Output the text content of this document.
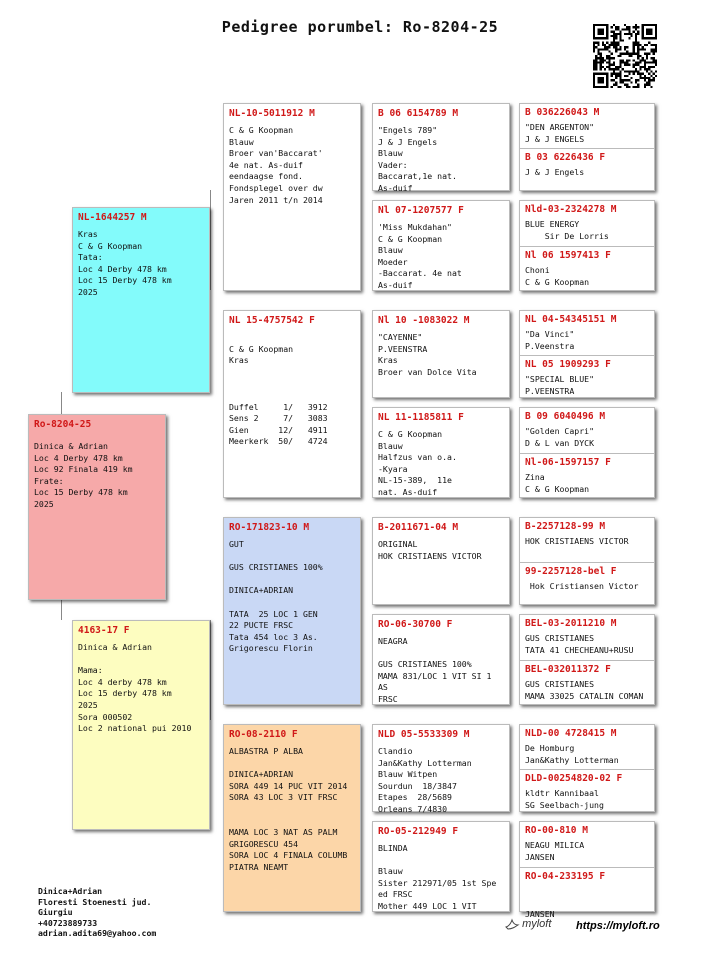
Pedigree porumbel: Ro-8204-25
Ro-8204-25
Dinica & Adrian
Loc 4 Derby 478 km
Loc 92 Finala 419 km
Frate:
Loc 15 Derby 478 km
2025
NL-1644257 M
Kras
C & G Koopman
Tata:
Loc 4 Derby 478 km
Loc 15 Derby 478 km
2025
4163-17 F
Dinica & Adrian

Mama:
Loc 4 derby 478 km
Loc 15 derby 478 km
2025
Sora 000502
Loc 2 national pui 2010
NL-10-5011912 M
C & G Koopman
Blauw
Broer van'Baccarat'
4e nat. As-duif
eendaagse fond.
Fondsplegel over dw
Jaren 2011 t/n 2014
NL 15-4757542 F

C & G Koopman
Kras

Duffel     1/   3912
Sens 2     7/   3083
Gien      12/   4911
Meerkerk  50/   4724
RO-171823-10 M
GUT

GUS CRISTIANES 100%

DINICA+ADRIAN

TATA  25 LOC 1 GEN
22 PUCTE FRSC
Tata 454 loc 3 As.
Grigorescu Florin
RO-08-2110 F
ALBASTRA P ALBA

DINICA+ADRIAN
SORA 449 14 PUC VIT 2014
SORA 43 LOC 3 VIT FRSC

MAMA LOC 3 NAT AS PALM
GRIGORESCU 454
SORA LOC 4 FINALA COLUMB
PIATRA NEAMT
B 06 6154789 M
"Engels 789"
J & J Engels
Blauw
Vader:
Baccarat,1e nat.
As-duif
Nl 07-1207577 F
'Miss Mukdahan"
C & G Koopman
Blauw
Moeder
-Baccarat. 4e nat
As-duif
Nl 10 -1083022 M
"CAYENNE"
P.VEENSTRA
Kras
Broer van Dolce Vita
NL 11-1185811 F
C & G Koopman
Blauw
Halfzus van o.a.
-Kyara
NL-15-389,  11e
nat. As-duif
B-2011671-04 M
ORIGINAL
HOK CRISTIAENS VICTOR
RO-06-30700 F
NEAGRA

GUS CRISTIANES 100%
MAMA 831/LOC 1 VIT SI 1
AS
FRSC
NLD 05-5533309 M
Clandio
Jan&Kathy Lotterman
Blauw Witpen
Sourdun  18/3847
Etapes  28/5689
Orleans 7/4830
RO-05-212949 F
BLINDA

Blauw
Sister 212971/05 1st Spe
ed FRSC
Mother 449 LOC 1 VIT
B 036226043 M
"DEN ARGENTON"
J & J ENGELS
B 03 6226436 F
J & J Engels
Nld-03-2324278 M
BLUE ENERGY
Sir De Lorris
Nl 06 1597413 F
Choni
C & G Koopman
NL 04-54345151 M
"Da Vinci"
P.Veenstra
NL 05 1909293 F
"SPECIAL BLUE"
P.VEENSTRA
B 09 6040496 M
"Golden Capri"
D & L van DYCK
Nl-06-1597157 F
Zina
C & G Koopman
B-2257128-99 M
HOK CRISTIAENS VICTOR
99-2257128-bel F
Hok Cristiansen Victor
BEL-03-2011210 M
GUS CRISTIANES
TATA 41 CHECHEANU+RUSU
BEL-032011372 F
GUS CRISTIANES
MAMA 33025 CATALIN COMAN
NLD-00 4728415 M
De Homburg
Jan&Kathy Lotterman
DLD-00254820-02 F
kldtr Kannibaal
SG Seelbach-jung
RO-00-810 M
NEAGU MILICA
JANSEN
RO-04-233195 F

JANSEN
Dinica+Adrian
Floresti Stoenesti jud.
Giurgiu
+40723889733
adrian.adita69@yahoo.com
myloft https://myloft.ro
